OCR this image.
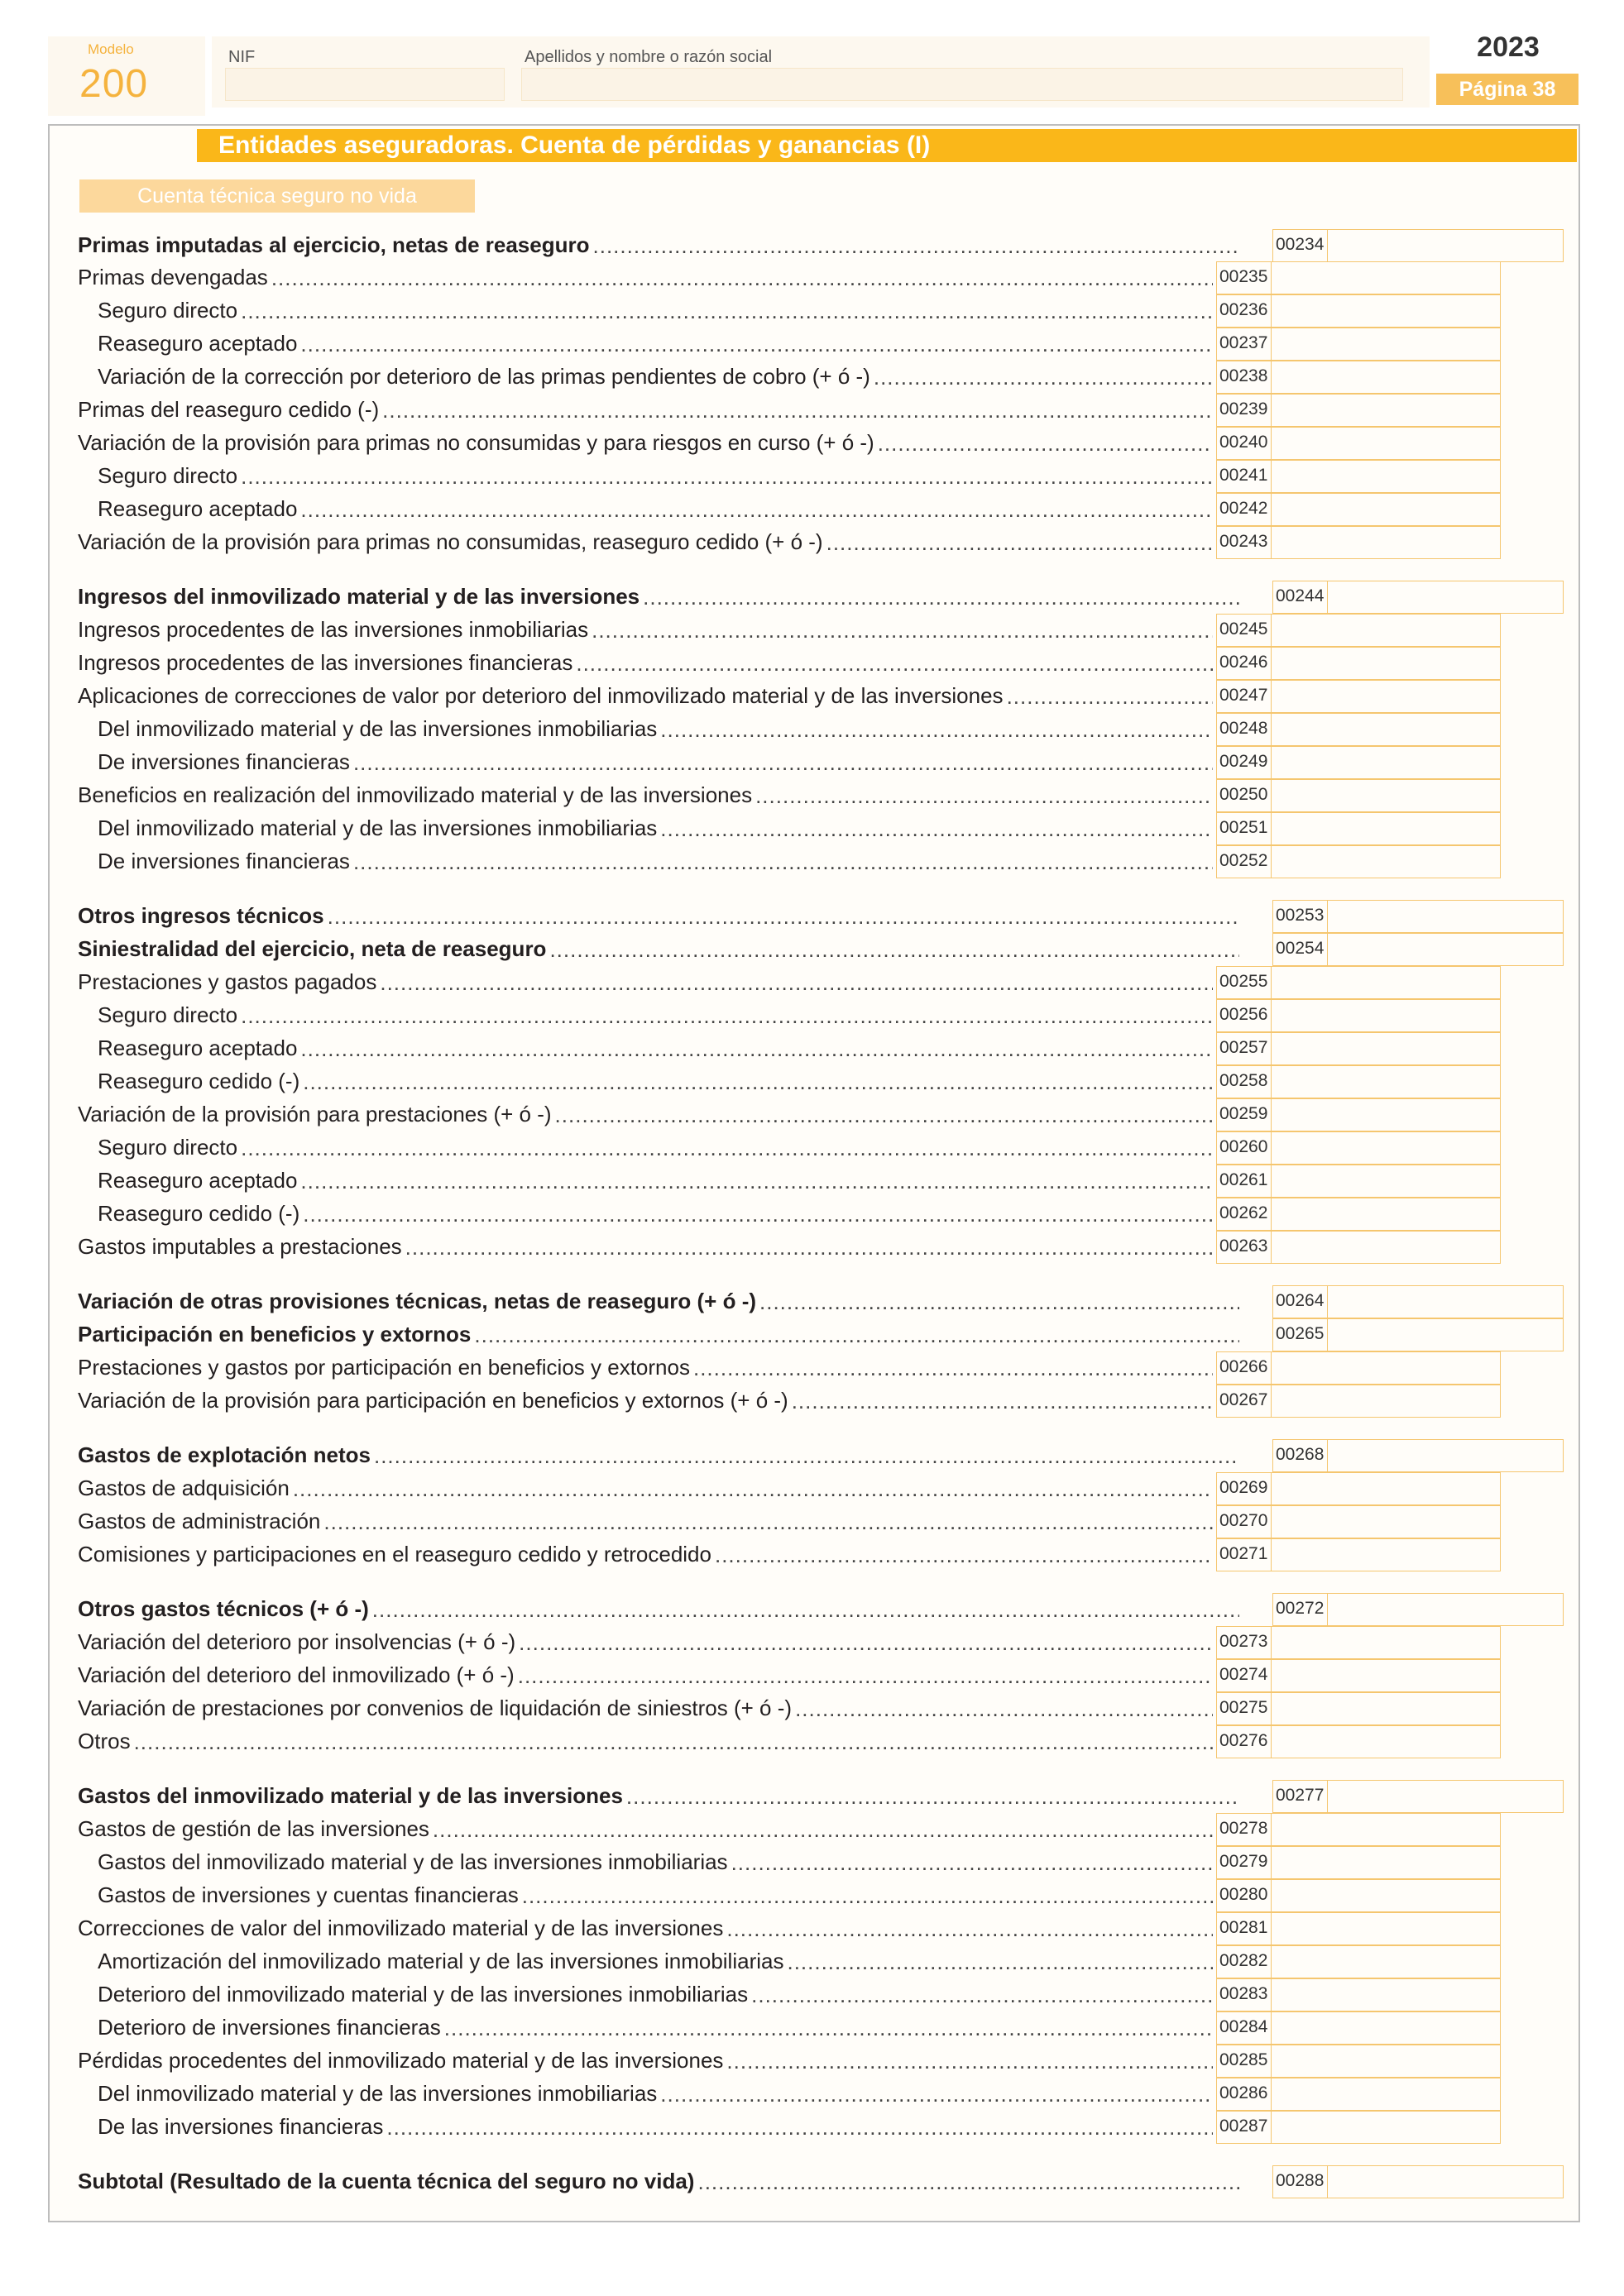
Modelo
200
NIF	Apellidos y nombre o razón social	2023
Página 38
Entidades aseguradoras. Cuenta de pérdidas y ganancias (I)
Cuenta técnica seguro no vida
Primas imputadas al ejercicio, netas de reaseguro .....	00234
Primas devengadas .....	00235
Seguro directo .....	00236
Reaseguro aceptado .....	00237
Variación de la corrección por deterioro de las primas pendientes de cobro (+ ó -) .....	00238
Primas del reaseguro cedido (-) .....	00239
Variación de la provisión para primas no consumidas y para riesgos en curso (+ ó -) .....	00240
Seguro directo .....	00241
Reaseguro aceptado .....	00242
Variación de la provisión para primas no consumidas, reaseguro cedido (+ ó -) .....	00243
Ingresos del inmovilizado material y de las inversiones .....	00244
Ingresos procedentes de las inversiones inmobiliarias .....	00245
Ingresos procedentes de las inversiones financieras .....	00246
Aplicaciones de correcciones de valor por deterioro del inmovilizado material y de las inversiones .....	00247
Del inmovilizado material y de las inversiones inmobiliarias .....	00248
De inversiones financieras .....	00249
Beneficios en realización del inmovilizado material y de las inversiones .....	00250
Del inmovilizado material y de las inversiones inmobiliarias .....	00251
De inversiones financieras .....	00252
Otros ingresos técnicos .....	00253
Siniestralidad del ejercicio, neta de reaseguro .....	00254
Prestaciones y gastos pagados .....	00255
Seguro directo .....	00256
Reaseguro aceptado .....	00257
Reaseguro cedido (-) .....	00258
Variación de la provisión para prestaciones (+ ó -) .....	00259
Seguro directo .....	00260
Reaseguro aceptado .....	00261
Reaseguro cedido (-) .....	00262
Gastos imputables a prestaciones .....	00263
Variación de otras provisiones técnicas, netas de reaseguro (+ ó -) .....	00264
Participación en beneficios y extornos .....	00265
Prestaciones y gastos por participación en beneficios y extornos .....	00266
Variación de la provisión para participación en beneficios y extornos (+ ó -) .....	00267
Gastos de explotación netos .....	00268
Gastos de adquisición .....	00269
Gastos de administración .....	00270
Comisiones y participaciones en el reaseguro cedido y retrocedido .....	00271
Otros gastos técnicos (+ ó -) .....	00272
Variación del deterioro por insolvencias (+ ó -) .....	00273
Variación del deterioro del inmovilizado (+ ó -) .....	00274
Variación de prestaciones por convenios de liquidación de siniestros (+ ó -) .....	00275
Otros .....	00276
Gastos del inmovilizado material y de las inversiones .....	00277
Gastos de gestión de las inversiones .....	00278
Gastos del inmovilizado material y de las inversiones inmobiliarias .....	00279
Gastos de inversiones y cuentas financieras .....	00280
Correcciones de valor del inmovilizado material y de las inversiones .....	00281
Amortización del inmovilizado material y de las inversiones inmobiliarias .....	00282
Deterioro del inmovilizado material y de las inversiones inmobiliarias .....	00283
Deterioro de inversiones financieras .....	00284
Pérdidas procedentes del inmovilizado material y de las inversiones .....	00285
Del inmovilizado material y de las inversiones inmobiliarias .....	00286
De las inversiones financieras .....	00287
Subtotal (Resultado de la cuenta técnica del seguro no vida) .....	00288
